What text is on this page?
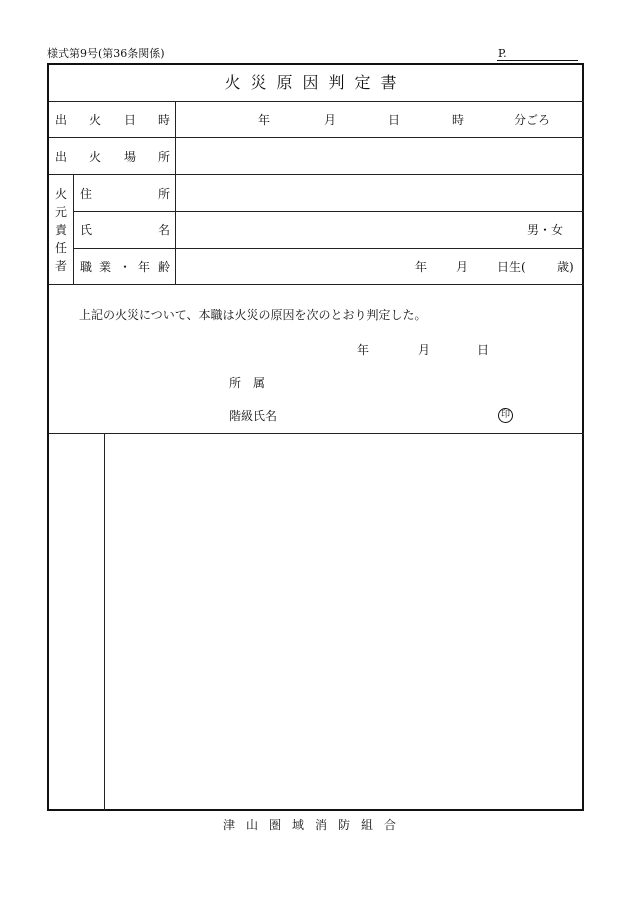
様式第9号(第36条関係)	P.
火災原因判定書
出 火 日 時	年	月	日	時	分ごろ
出 火 場 所
火
元
責
任
者
住	所
氏	名	男・女
職 業 ・ 年 齢	年 月 日生(	歳)
上記の火災について、本職は火災の原因を次のとおり判定した。
年	月	日
所　属
階級氏名	印
津山圏域消防組合
